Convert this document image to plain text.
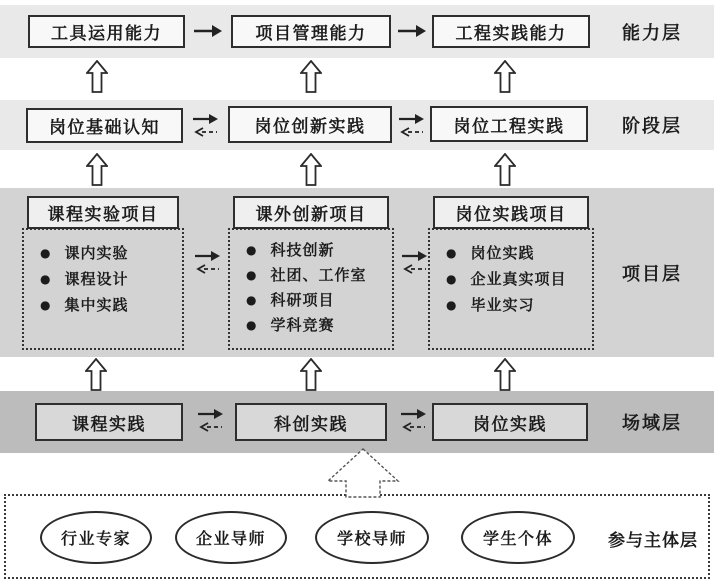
工具运用能力	项目管理能力	工程实践能力	能力层
岗位基础认知	岗位创新实践	岗位工程实践	阶段层
课程实验项目
● 课内实验
● 课程设计
● 集中实践
课外创新项目
● 科技创新
● 社团、工作室
● 科研项目
● 学科竞赛
岗位实践项目
● 岗位实践
● 企业真实项目
● 毕业实习
项目层
课程实践	科创实践	岗位实践	场域层
行业专家	企业导师	学校导师	学生个体	参与主体层
